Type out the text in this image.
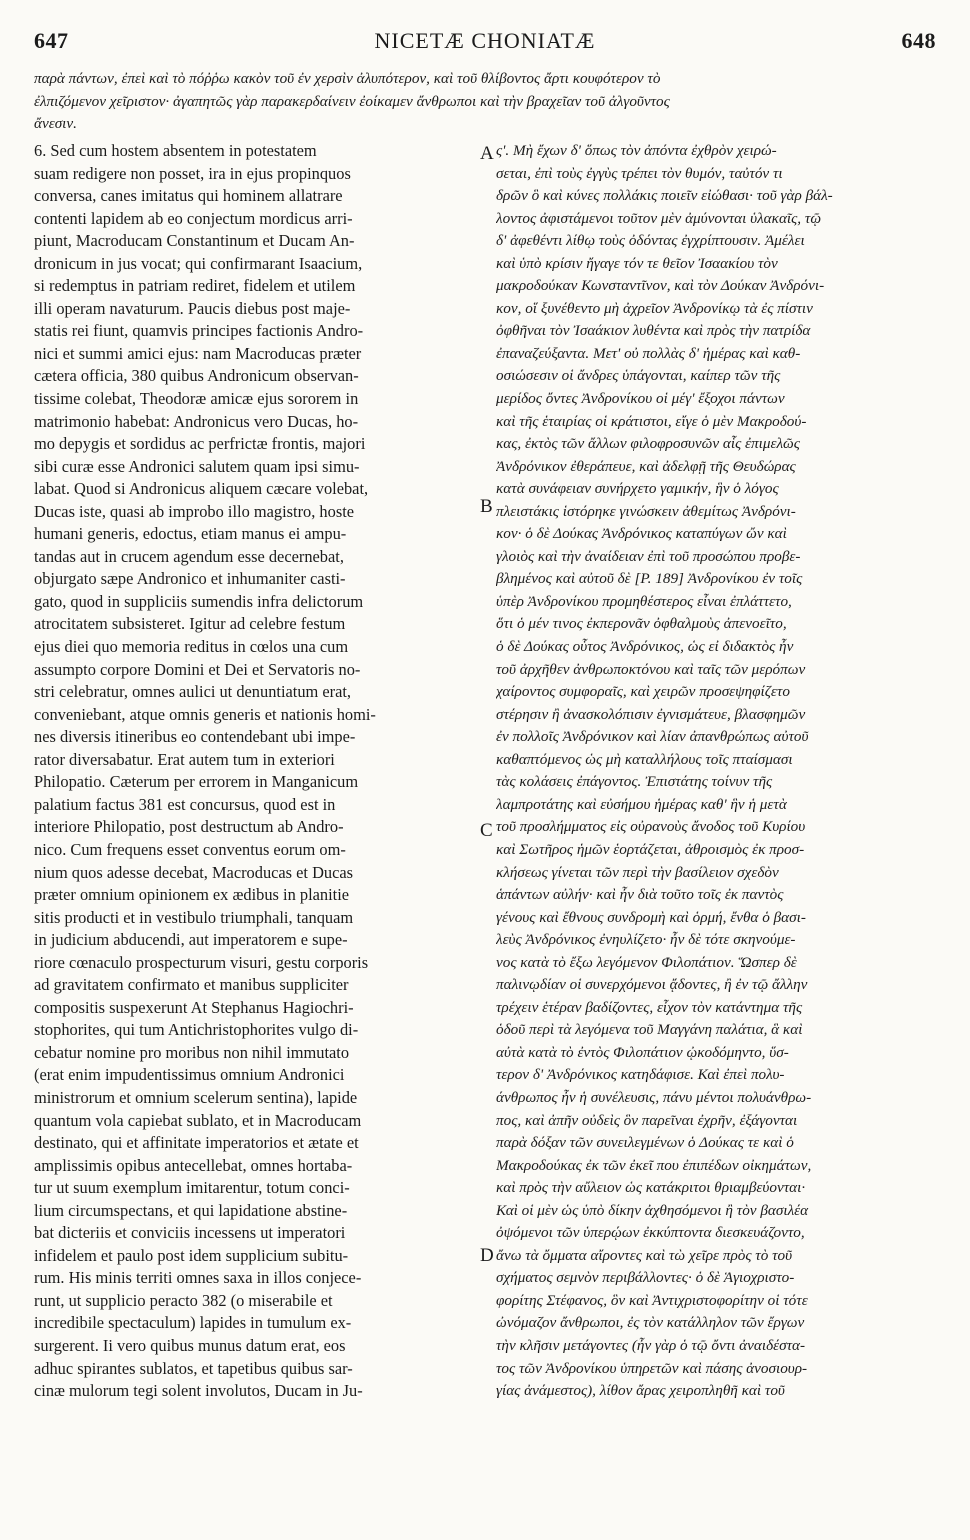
647	NICETÆ CHONIATÆ	648

παρὰ πάντων, ἐπεὶ καὶ τὸ πόῤῥω κακὸν τοῦ ἐν χερσὶν ἀλυπότερον, καὶ τοῦ θλίβοντος ἄρτι κουφότερον τὸ

ἐλπιζόμενον χεῖριστον· ἀγαπητῶς γὰρ παρακερδαίνειν ἐοίκαμεν ἄνθρωποι καὶ τὴν βραχεῖαν τοῦ ἀλγοῦντος

ἄνεσιν.

6. Sed cum hostem absentem in potestatem

suam redigere non posset, ira in ejus propinquos

conversa, canes imitatus qui hominem allatrare

contenti lapidem ab eo conjectum mordicus arri-

piunt, Macroducam Constantinum et Ducam An-

dronicum in jus vocat; qui confirmarant Isaacium,

si redemptus in patriam rediret, fidelem et utilem

illi operam navaturum. Paucis diebus post maje-

statis rei fiunt, quamvis principes factionis Andro-

nici et summi amici ejus: nam Macroducas præter

cætera officia, 380 quibus Andronicum observan-

tissime colebat, Theodoræ amicæ ejus sororem in

matrimonio habebat: Andronicus vero Ducas, ho-

mo depygis et sordidus ac perfrictæ frontis, majori

sibi curæ esse Andronici salutem quam ipsi simu-

labat. Quod si Andronicus aliquem cæcare volebat,

Ducas iste, quasi ab improbo illo magistro, hoste

humani generis, edoctus, etiam manus ei ampu-

tandas aut in crucem agendum esse decernebat,

objurgato sæpe Andronico et inhumaniter casti-

gato, quod in suppliciis sumendis infra delictorum

atrocitatem subsisteret. Igitur ad celebre festum

ejus diei quo memoria reditus in cœlos una cum

assumpto corpore Domini et Dei et Servatoris no-

stri celebratur, omnes aulici ut denuntiatum erat,

conveniebant, atque omnis generis et nationis homi-

nes diversis itineribus eo contendebant ubi impe-

rator diversabatur. Erat autem tum in exteriori

Philopatio. Cæterum per errorem in Manganicum

palatium factus 381 est concursus, quod est in

interiore Philopatio, post destructum ab Andro-

nico. Cum frequens esset conventus eorum om-

nium quos adesse decebat, Macroducas et Ducas

præter omnium opinionem ex ædibus in planitie

sitis producti et in vestibulo triumphali, tanquam

in judicium abducendi, aut imperatorem e supe-

riore cœnaculo prospecturum visuri, gestu corporis

ad gravitatem confirmato et manibus suppliciter

compositis suspexerunt At Stephanus Hagiochri-

stophorites, qui tum Antichristophorites vulgo di-

cebatur nomine pro moribus non nihil immutato

(erat enim impudentissimus omnium Andronici

ministrorum et omnium scelerum sentina), lapide

quantum vola capiebat sublato, et in Macroducam

destinato, qui et affinitate imperatorios et ætate et

amplissimis opibus antecellebat, omnes hortaba-

tur ut suum exemplum imitarentur, totum conci-

lium circumspectans, et qui lapidatione abstine-

bat dicteriis et conviciis incessens ut imperatori

infidelem et paulo post idem supplicium subitu-

rum. His minis territi omnes saxa in illos conjece-

runt, ut supplicio peracto 382 (o miserabile et

incredibile spectaculum) lapides in tumulum ex-

surgerent. Ii vero quibus munus datum erat, eos

adhuc spirantes sublatos, et tapetibus quibus sar-

cinæ mulorum tegi solent involutos, Ducam in Ju-

ς'. Μὴ ἔχων δ' ὅπως τὸν ἀπόντα ἐχθρὸν χειρώ-

σεται, ἐπὶ τοὺς ἐγγὺς τρέπει τὸν θυμόν, ταὐτόν τι

δρῶν ὃ καὶ κύνες πολλάκις ποιεῖν εἰώθασι· τοῦ γὰρ βάλ-

λοντος ἀφιστάμενοι τοῦτον μὲν ἀμύνονται ὑλακαῖς, τῷ

δ' ἀφεθέντι λίθῳ τοὺς ὀδόντας ἐγχρίπτουσιν. Ἀμέλει

καὶ ὑπὸ κρίσιν ἤγαγε τόν τε θεῖον Ἰσαακίου τὸν

μακροδούκαν Κωνσταντῖνον, καὶ τὸν Δούκαν Ἀνδρόνι-

κον, οἵ ξυνέθεντο μὴ ἀχρεῖον Ἀνδρονίκῳ τὰ ἐς πίστιν

ὀφθῆναι τὸν Ἰσαάκιον λυθέντα καὶ πρὸς τὴν πατρίδα

ἐπαναζεύξαντα. Μετ' οὐ πολλὰς δ' ἡμέρας καὶ καθ-

οσιώσεσιν οἱ ἄνδρες ὑπάγονται, καίπερ τῶν τῆς

μερίδος ὄντες Ἀνδρονίκου οἱ μέγ' ἔξοχοι πάντων

καὶ τῆς ἑταιρίας οἱ κράτιστοι, εἴγε ὁ μὲν Μακροδού-

κας, ἐκτὸς τῶν ἄλλων φιλοφροσυνῶν αἷς ἐπιμελῶς

Ἀνδρόνικον ἐθεράπευε, καὶ ἀδελφῇ τῆς Θευδώρας

κατὰ συνάφειαν συνήρχετο γαμικήν, ἣν ὁ λόγος

πλειστάκις ἱστόρηκε γινώσκειν ἀθεμίτως Ἀνδρόνι-

κον· ὁ δὲ Δούκας Ἀνδρόνικος καταπύγων ὤν καὶ

γλοιὸς καὶ τὴν ἀναίδειαν ἐπὶ τοῦ προσώπου προβε-

βλημένος καὶ αὐτοῦ δὲ [P. 189] Ἀνδρονίκου ἐν τοῖς

ὑπὲρ Ἀνδρονίκου προμηθέστερος εἶναι ἐπλάττετο,

ὅτι ὁ μέν τινος ἐκπερονᾶν ὀφθαλμοὺς ἀπενοεῖτο,

ὁ δὲ Δούκας οὗτος Ἀνδρόνικος, ὡς εἰ διδακτὸς ἦν

τοῦ ἀρχῆθεν ἀνθρωποκτόνου καὶ ταῖς τῶν μερόπων

χαίροντος συμφοραῖς, καὶ χειρῶν προσεψηφίζετο

στέρησιν ἢ ἀνασκολόπισιν ἐγνισμάτευε, βλασφημῶν

ἐν πολλοῖς Ἀνδρόνικον καὶ λίαν ἀπανθρώπως αὐτοῦ

καθαπτόμενος ὡς μὴ καταλλήλους τοῖς πταίσμασι

τὰς κολάσεις ἐπάγοντος. Ἐπιστάτης τοίνυν τῆς

λαμπροτάτης καὶ εὐσήμου ἡμέρας καθ' ἣν ἡ μετὰ

τοῦ προσλήμματος εἰς οὐρανοὺς ἄνοδος τοῦ Κυρίου

καὶ Σωτῆρος ἡμῶν ἑορτάζεται, ἀθροισμὸς ἐκ προσ-

κλήσεως γίνεται τῶν περὶ τὴν βασίλειον σχεδὸν

ἁπάντων αὐλήν· καὶ ἦν διὰ τοῦτο τοῖς ἐκ παντὸς

γένους καὶ ἔθνους συνδρομὴ καὶ ὁρμή, ἔνθα ὁ βασι-

λεὺς Ἀνδρόνικος ἐνηυλίζετο· ἦν δὲ τότε σκηνούμε-

νος κατὰ τὸ ἔξω λεγόμενον Φιλοπάτιον. Ὥσπερ δὲ

παλινῳδίαν οἱ συνερχόμενοι ᾄδοντες, ἢ ἐν τῷ ἄλλην

τρέχειν ἑτέραν βαδίζοντες, εἶχον τὸν κατάντημα τῆς

ὁδοῦ περὶ τὰ λεγόμενα τοῦ Μαγγάνη παλάτια, ἃ καὶ

αὐτὰ κατὰ τὸ ἐντὸς Φιλοπάτιον ᾠκοδόμηντο, ὕσ-

τερον δ' Ἀνδρόνικος κατηδάφισε. Καὶ ἐπεὶ πολυ-

άνθρωπος ἦν ἡ συνέλευσις, πάνυ μέντοι πολυάνθρω-

πος, καὶ ἀπῆν οὐδεὶς ὃν παρεῖναι ἐχρῆν, ἐξάγονται

παρὰ δόξαν τῶν συνειλεγμένων ὁ Δούκας τε καὶ ὁ

Μακροδούκας ἐκ τῶν ἐκεῖ που ἐπιπέδων οἰκημάτων,

καὶ πρὸς τὴν αὔλειον ὡς κατάκριτοι θριαμβεύονται·

Καὶ οἱ μὲν ὡς ὑπὸ δίκην ἀχθησόμενοι ἢ τὸν βασιλέα

ὀψόμενοι τῶν ὑπερῴων ἐκκύπτοντα διεσκευάζοντο,

ἄνω τὰ ὄμματα αἴροντες καὶ τὼ χεῖρε πρὸς τὸ τοῦ

σχήματος σεμνὸν περιβάλλοντες· ὁ δὲ Ἁγιοχριστο-

φορίτης Στέφανος, ὃν καὶ Ἀντιχριστοφορίτην οἱ τότε

ὠνόμαζον ἄνθρωποι, ἐς τὸν κατάλληλον τῶν ἔργων

τὴν κλῆσιν μετάγοντες (ἦν γὰρ ὁ τῷ ὄντι ἀναιδέστα-

τος τῶν Ἀνδρονίκου ὑπηρετῶν καὶ πάσης ἀνοσιουρ-

γίας ἀνάμεστος), λίθον ἄρας χειροπληθῆ καὶ τοῦ

A
B
C
D
